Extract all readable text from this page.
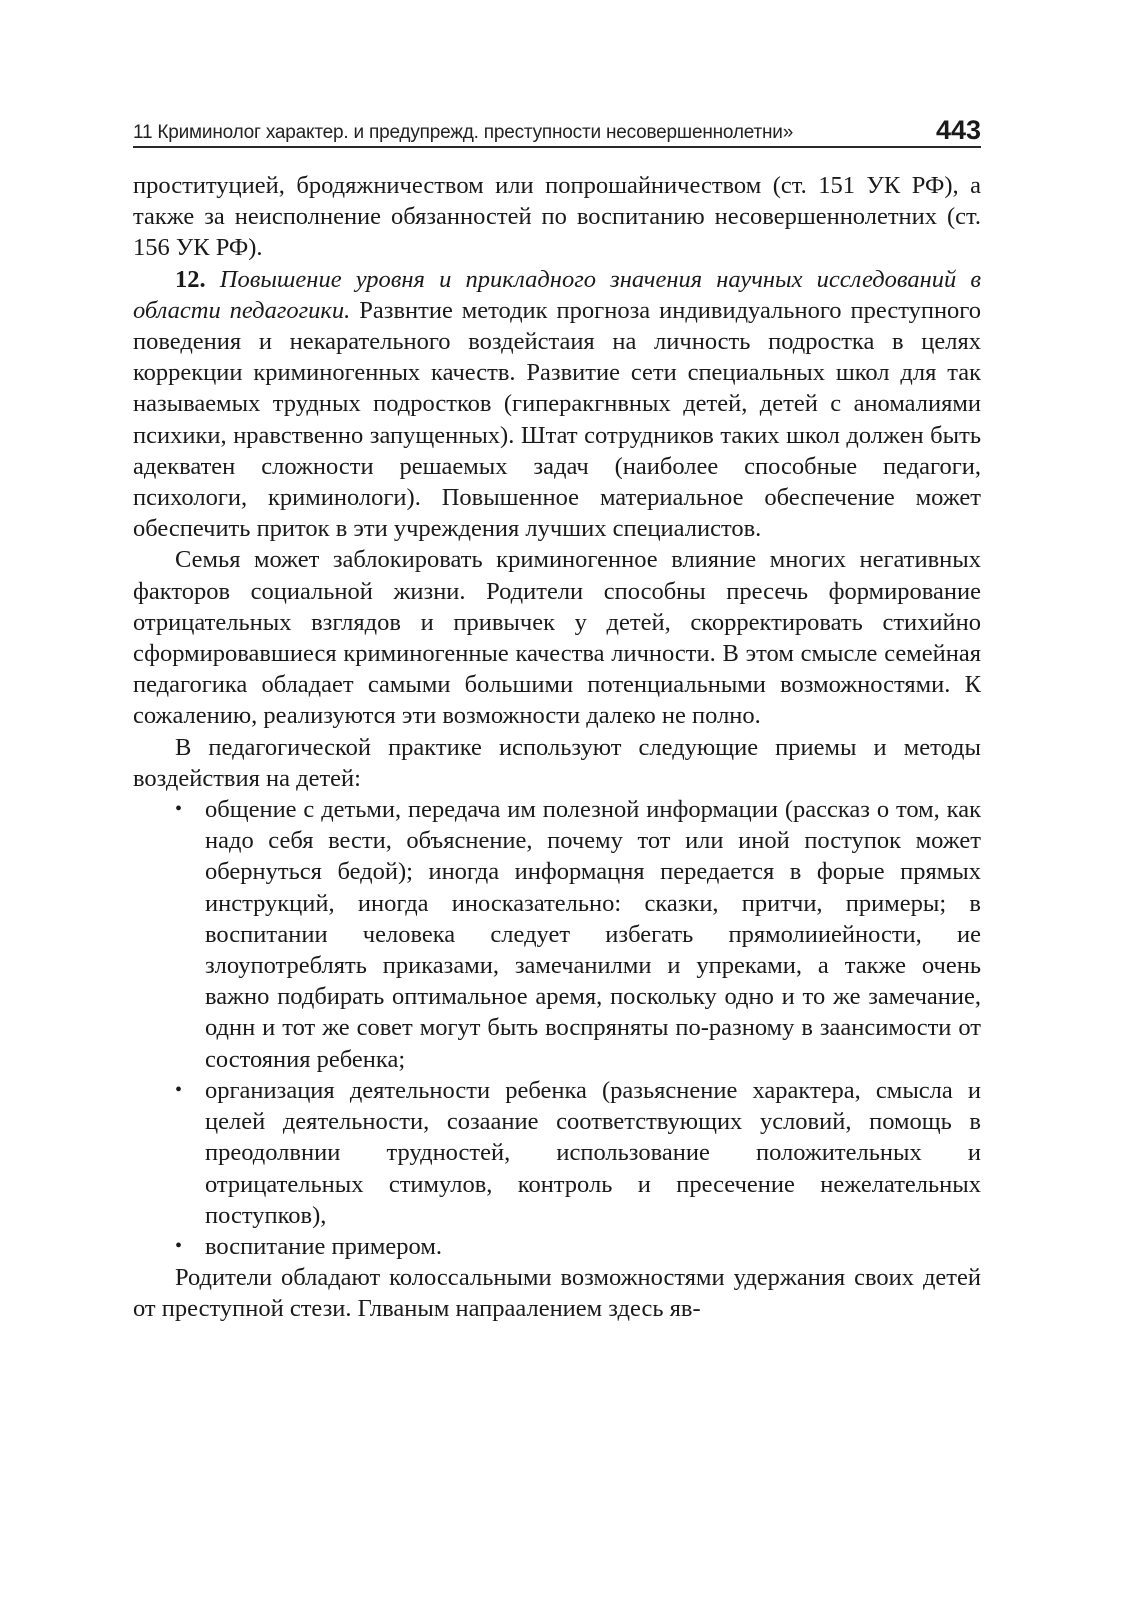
11 Криминолог характер. и предупрежд. преступности несовершеннолетни»	443

проституцией, бродяжничеством или попрошайничеством (ст. 151 УК РФ), а также за неисполнение обязанностей по воспитанию несовершеннолетних (ст. 156 УК РФ).

12. Повышение уровня и прикладного значения научных исследований в области педагогики. Развнтие методик прогноза индивидуального преступного поведения и некарательного воздейстаия на личность подростка в целях коррекции криминогенных качеств. Развитие сети специальных школ для так называемых трудных подростков (гиперакгнвных детей, детей с аномалиями психики, нравственно запущенных). Штат сотрудников таких школ должен быть адекватен сложности решаемых задач (наиболее способные педагоги, психологи, криминологи). Повышенное материальное обеспечение может обеспечить приток в эти учреждения лучших специалистов.

Семья может заблокировать криминогенное влияние многих негативных факторов социальной жизни. Родители способны пресечь формирование отрицательных взглядов и привычек у детей, скорректировать стихийно сформировавшиеся криминогенные качества личности. В этом смысле семейная педагогика обладает самыми большими потенциальными возможностями. К сожалению, реализуются эти возможности далеко не полно.

В педагогической практике используют следующие приемы и методы воздействия на детей:

• общение с детьми, передача им полезной информации (рассказ о том, как надо себя вести, объяснение, почему тот или иной поступок может обернуться бедой); иногда информацня передается в форые прямых инструкций, иногда иносказательно: сказки, притчи, примеры; в воспитании человека следует избегать прямолииейности, ие злоупотреблять приказами, замечанилми и упреками, а также очень важно подбирать оптимальное аремя, поскольку одно и то же замечание, однн и тот же совет могут быть воспряняты по-разному в заансимости от состояния ребенка;
• организация деятельности ребенка (разьяснение характера, смысла и целей деятельности, созаание соответствующих условий, помощь в преодолвнии трудностей, использование положительных и отрицательных стимулов, контроль и пресечение нежелательных поступков),
• воспитание примером.

Родители обладают колоссальными возможностями удержания своих детей от преступной стези. Глваным напраалением здесь яв-
